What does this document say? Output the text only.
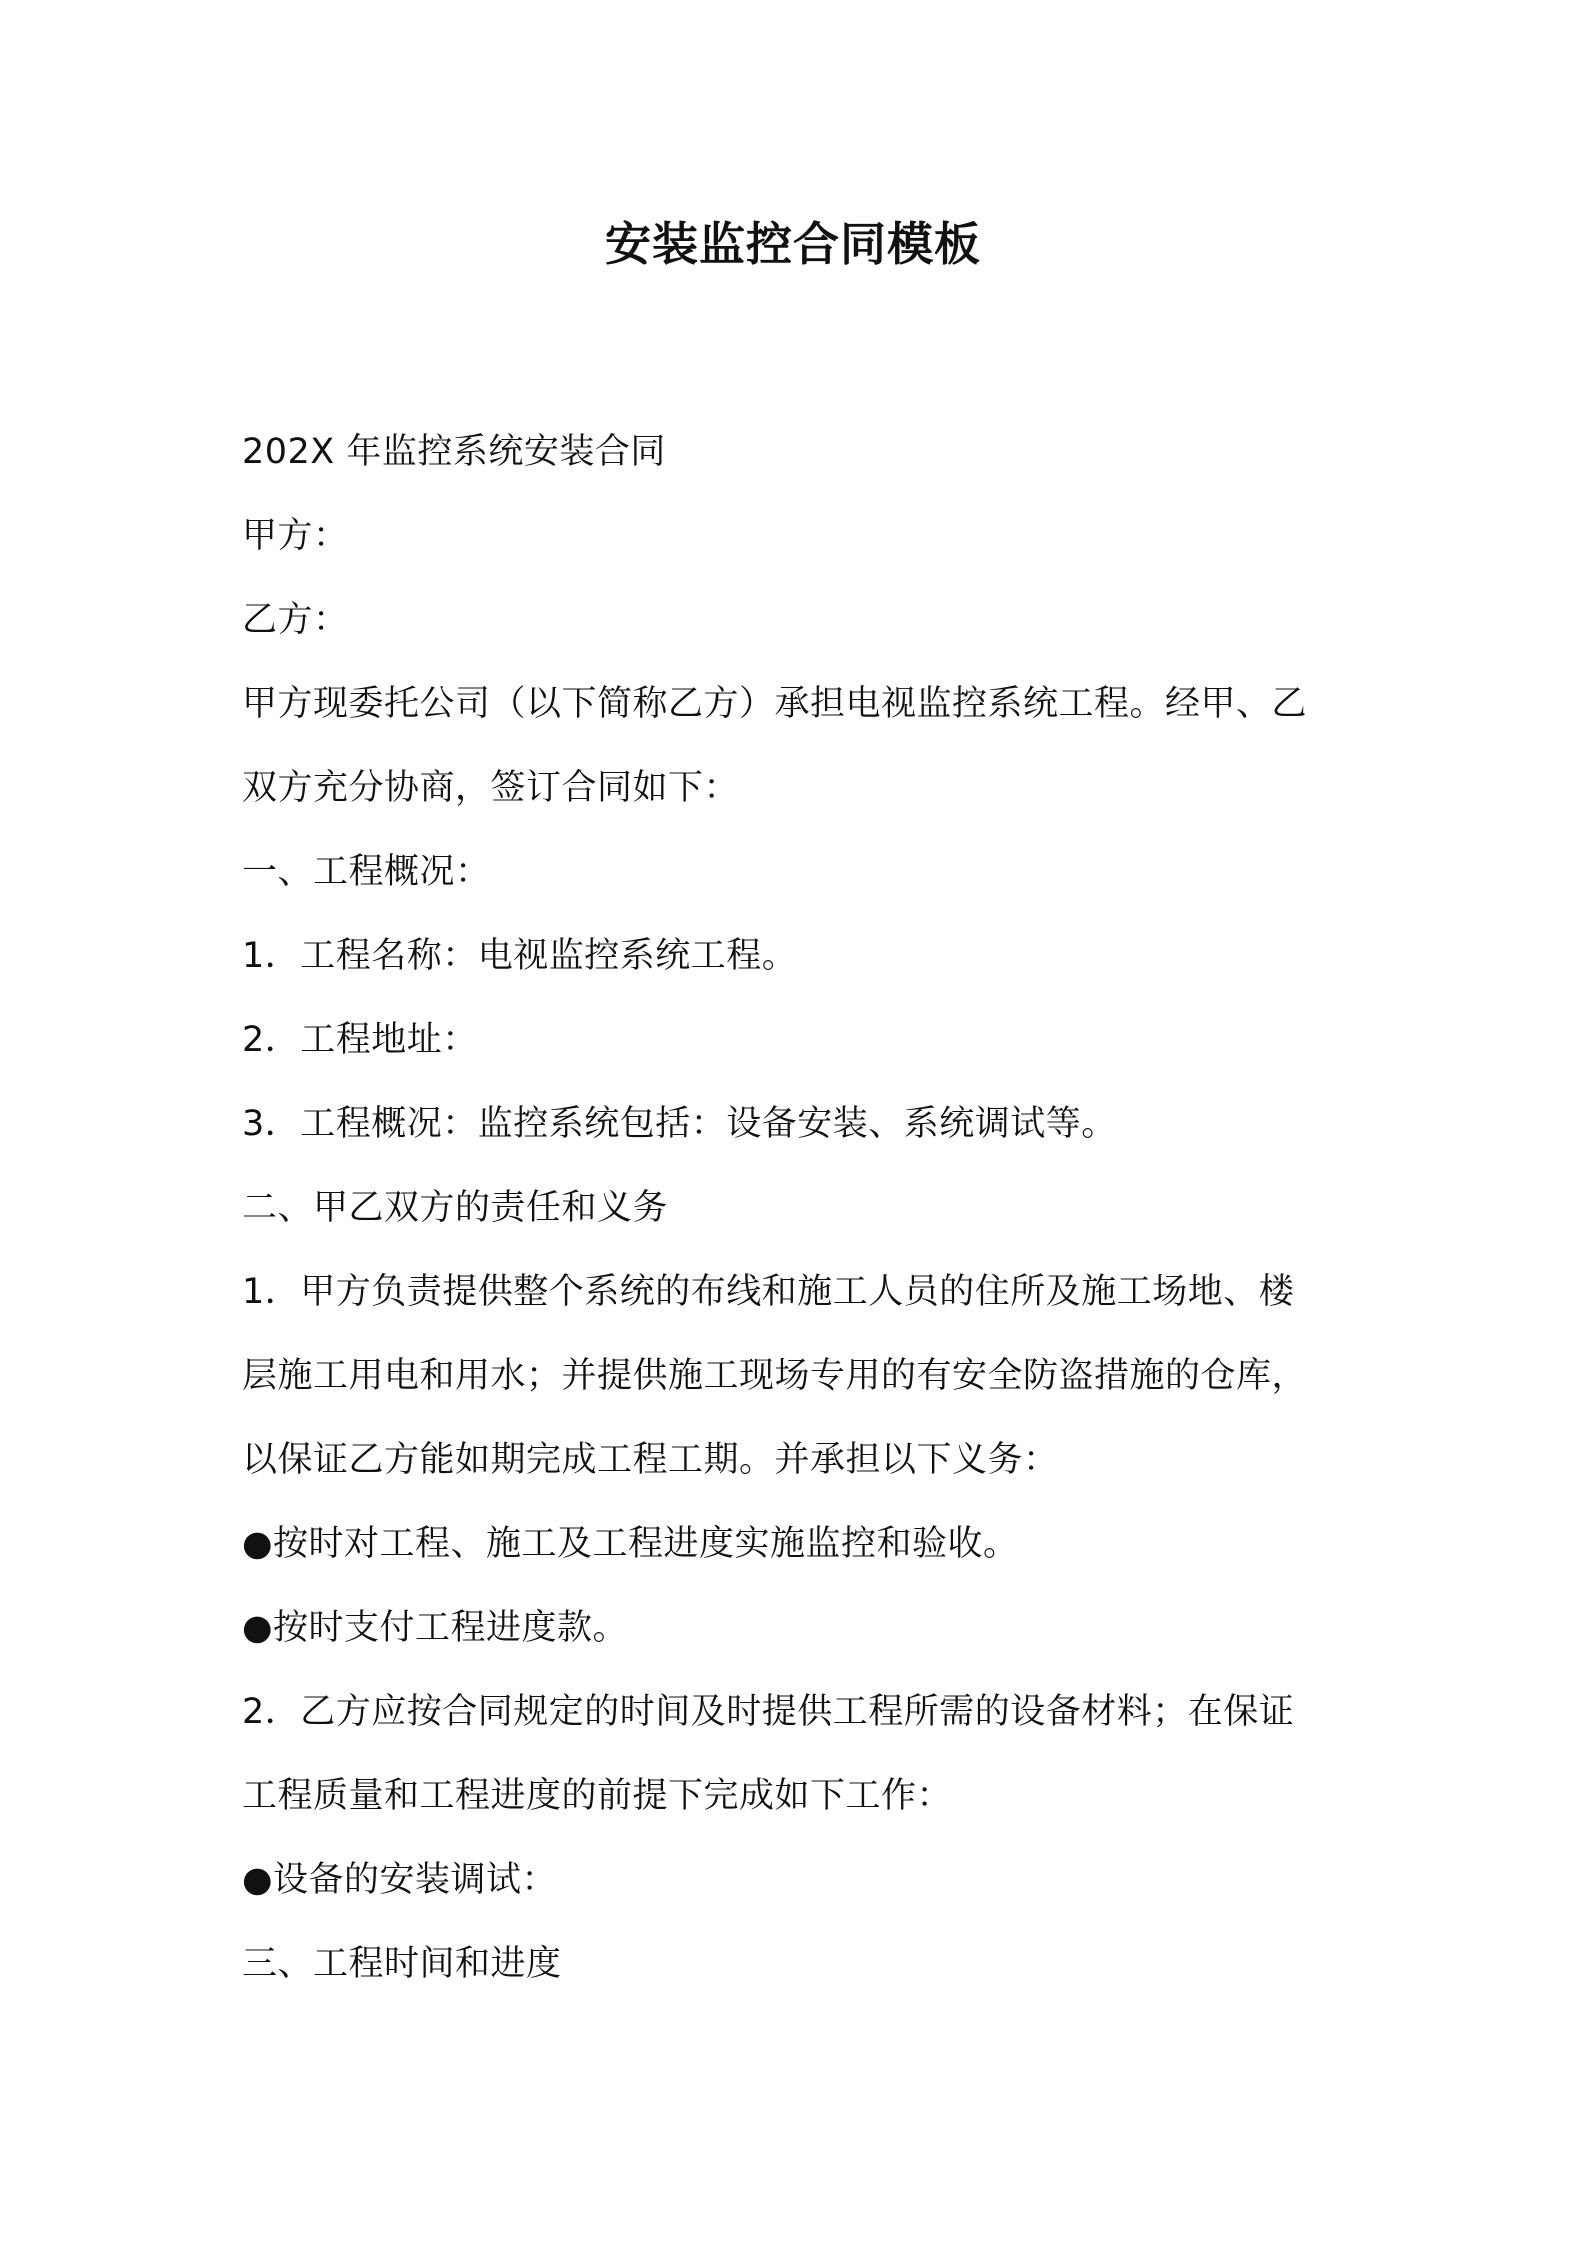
安装监控合同模板
202X 年监控系统安装合同
甲方：
乙方：
甲方现委托公司（以下简称乙方）承担电视监控系统工程。经甲、乙
双方充分协商，签订合同如下：
一、工程概况：
1．工程名称：电视监控系统工程。
2．工程地址：
3．工程概况：监控系统包括：设备安装、系统调试等。
二、甲乙双方的责任和义务
1．甲方负责提供整个系统的布线和施工人员的住所及施工场地、楼
层施工用电和用水；并提供施工现场专用的有安全防盗措施的仓库，
以保证乙方能如期完成工程工期。并承担以下义务：
●按时对工程、施工及工程进度实施监控和验收。
●按时支付工程进度款。
2．乙方应按合同规定的时间及时提供工程所需的设备材料；在保证
工程质量和工程进度的前提下完成如下工作：
●设备的安装调试：
三、工程时间和进度
